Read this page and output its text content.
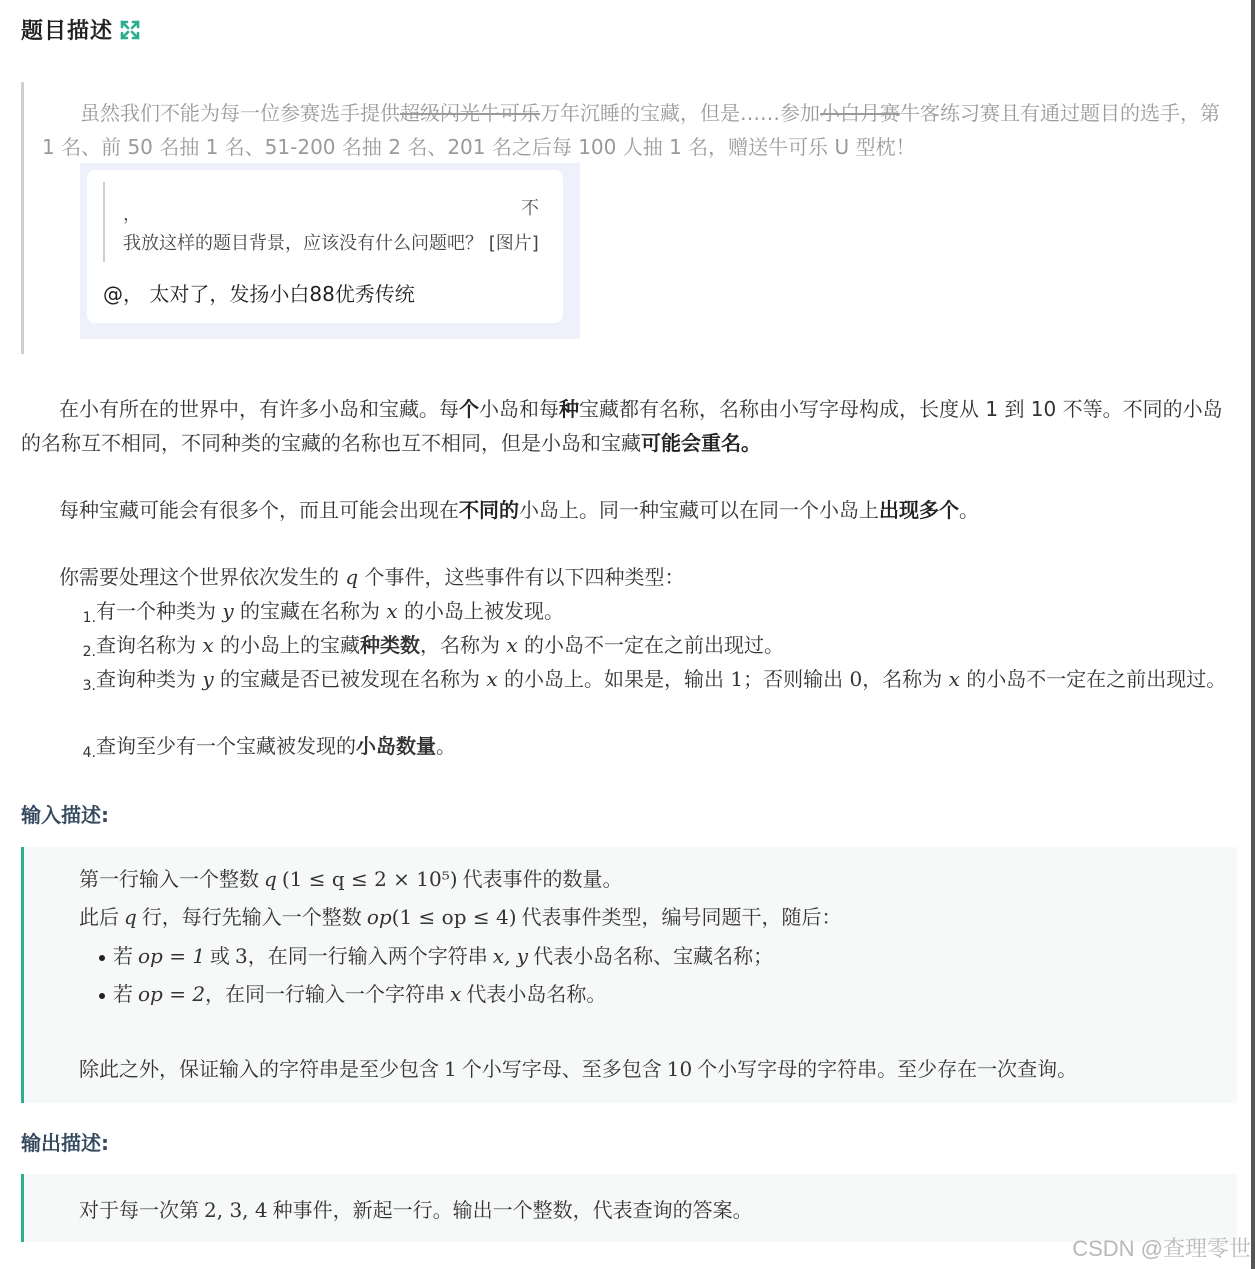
题目描述
虽然我们不能为每一位参赛选手提供超级闪光牛可乐万年沉睡的宝藏，但是……参加小白月赛牛客练习赛且有通过题目的选手，第 1 名、前 50 名抽 1 名、51-200 名抽 2 名、201 名之后每 100 人抽 1 名，赠送牛可乐 U 型枕！
，	不
我放这样的题目背景，应该没有什么问题吧？ [图片]
@， 太对了，发扬小白88优秀传统
在小有所在的世界中，有许多小岛和宝藏。每个小岛和每种宝藏都有名称，名称由小写字母构成，长度从 1 到 10 不等。不同的小岛的名称互不相同，不同种类的宝藏的名称也互不相同，但是小岛和宝藏可能会重名。
每种宝藏可能会有很多个，而且可能会出现在不同的小岛上。同一种宝藏可以在同一个小岛上出现多个。
你需要处理这个世界依次发生的 q 个事件，这些事件有以下四种类型：
1.有一个种类为 y 的宝藏在名称为 x 的小岛上被发现。
2.查询名称为 x 的小岛上的宝藏种类数，名称为 x 的小岛不一定在之前出现过。
3.查询种类为 y 的宝藏是否已被发现在名称为 x 的小岛上。如果是，输出 1；否则输出 0，名称为 x 的小岛不一定在之前出现过。
4.查询至少有一个宝藏被发现的小岛数量。
输入描述:
第一行输入一个整数 q (1 ≤ q ≤ 2 × 10⁵) 代表事件的数量。
此后 q 行，每行先输入一个整数 op(1 ≤ op ≤ 4) 代表事件类型，编号同题干，随后：
若 op = 1 或 3，在同一行输入两个字符串 x, y 代表小岛名称、宝藏名称；
若 op = 2，在同一行输入一个字符串 x 代表小岛名称。
除此之外，保证输入的字符串是至少包含 1 个小写字母、至多包含 10 个小写字母的字符串。至少存在一次查询。
输出描述:
对于每一次第 2, 3, 4 种事件，新起一行。输出一个整数，代表查询的答案。
CSDN @查理零世
